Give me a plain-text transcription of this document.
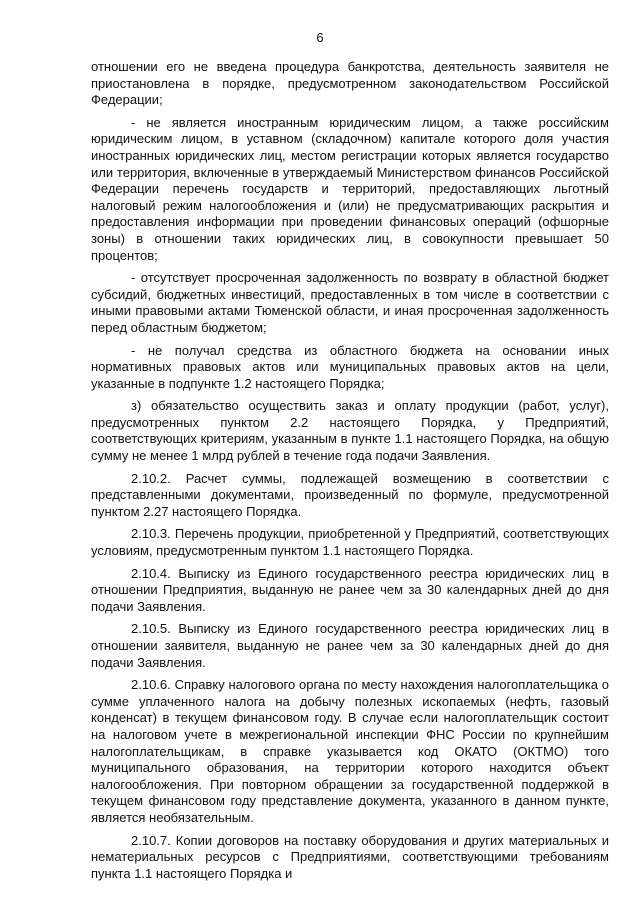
6

отношении его не введена процедура банкротства, деятельность заявителя не приостановлена в порядке, предусмотренном законодательством Российской Федерации;

- не является иностранным юридическим лицом, а также российским юридическим лицом, в уставном (складочном) капитале которого доля участия иностранных юридических лиц, местом регистрации которых является государство или территория, включенные в утверждаемый Министерством финансов Российской Федерации перечень государств и территорий, предоставляющих льготный налоговый режим налогообложения и (или) не предусматривающих раскрытия и предоставления информации при проведении финансовых операций (офшорные зоны) в отношении таких юридических лиц, в совокупности превышает 50 процентов;

- отсутствует просроченная задолженность по возврату в областной бюджет субсидий, бюджетных инвестиций, предоставленных в том числе в соответствии с иными правовыми актами Тюменской области, и иная просроченная задолженность перед областным бюджетом;

- не получал средства из областного бюджета на основании иных нормативных правовых актов или муниципальных правовых актов на цели, указанные в подпункте 1.2 настоящего Порядка;

з) обязательство осуществить заказ и оплату продукции (работ, услуг), предусмотренных пунктом 2.2 настоящего Порядка, у Предприятий, соответствующих критериям, указанным в пункте 1.1 настоящего Порядка, на общую сумму не менее 1 млрд рублей в течение года подачи Заявления.

2.10.2. Расчет суммы, подлежащей возмещению в соответствии с представленными документами, произведенный по формуле, предусмотренной пунктом 2.27 настоящего Порядка.

2.10.3. Перечень продукции, приобретенной у Предприятий, соответствующих условиям, предусмотренным пунктом 1.1 настоящего Порядка.

2.10.4. Выписку из Единого государственного реестра юридических лиц в отношении Предприятия, выданную не ранее чем за 30 календарных дней до дня подачи Заявления.

2.10.5. Выписку из Единого государственного реестра юридических лиц в отношении заявителя, выданную не ранее чем за 30 календарных дней до дня подачи Заявления.

2.10.6. Справку налогового органа по месту нахождения налогоплательщика о сумме уплаченного налога на добычу полезных ископаемых (нефть, газовый конденсат) в текущем финансовом году. В случае если налогоплательщик состоит на налоговом учете в межрегиональной инспекции ФНС России по крупнейшим налогоплательщикам, в справке указывается код ОКАТО (ОКТМО) того муниципального образования, на территории которого находится объект налогообложения. При повторном обращении за государственной поддержкой в текущем финансовом году представление документа, указанного в данном пункте, является необязательным.

2.10.7. Копии договоров на поставку оборудования и других материальных и нематериальных ресурсов с Предприятиями, соответствующими требованиям пункта 1.1 настоящего Порядка и
